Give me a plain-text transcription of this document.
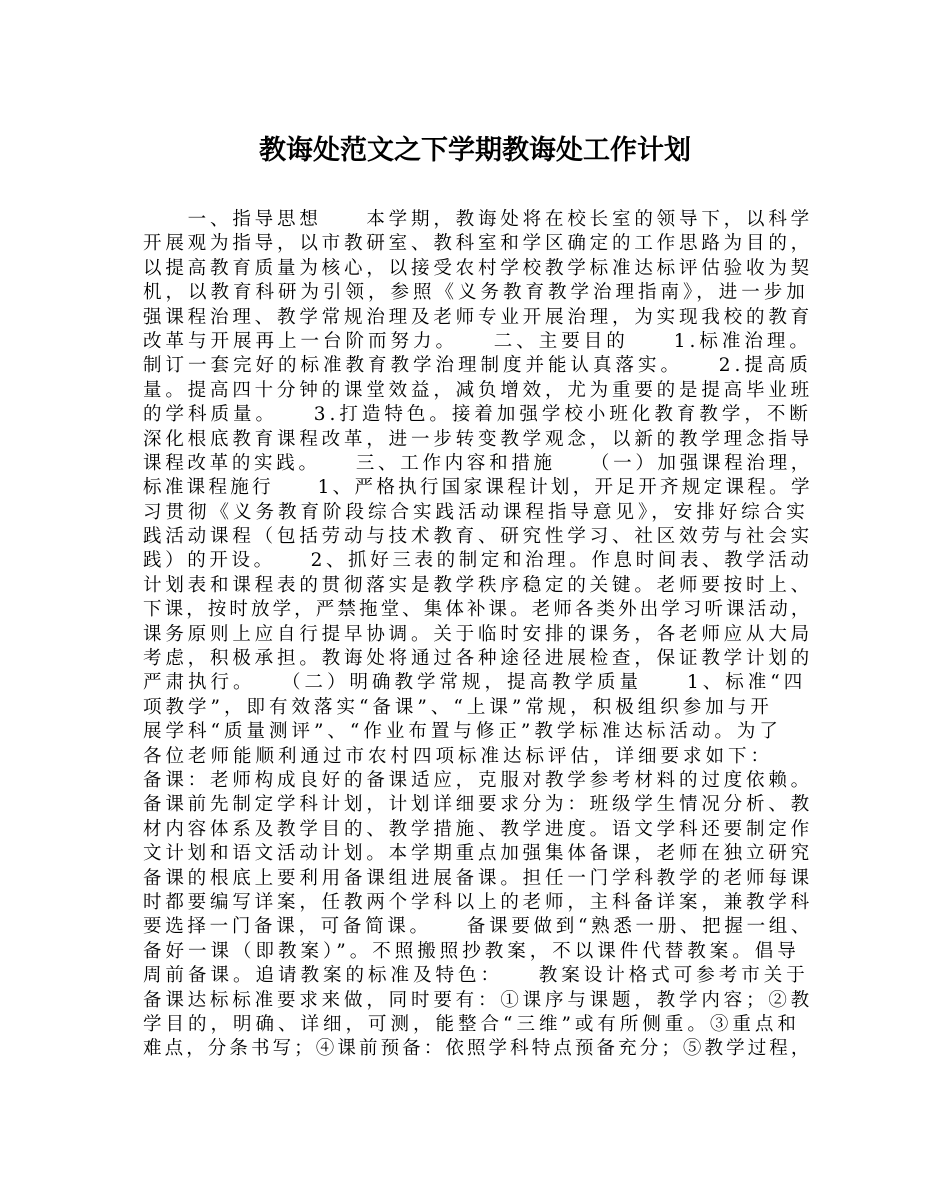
教诲处范文之下学期教诲处工作计划
　　一、指导思想　　本学期，教诲处将在校长室的领导下，以科学
开展观为指导，以市教研室、教科室和学区确定的工作思路为目的，
以提高教育质量为核心，以接受农村学校教学标准达标评估验收为契
机，以教育科研为引领，参照《义务教育教学治理指南》，进一步加
强课程治理、教学常规治理及老师专业开展治理，为实现我校的教育
改革与开展再上一台阶而努力。　　二、主要目的　　1.标准治理。
制订一套完好的标准教育教学治理制度并能认真落实。　　2.提高质
量。提高四十分钟的课堂效益，减负增效，尤为重要的是提高毕业班
的学科质量。　　3.打造特色。接着加强学校小班化教育教学，不断
深化根底教育课程改革，进一步转变教学观念，以新的教学理念指导
课程改革的实践。　　三、工作内容和措施　　（一）加强课程治理，
标准课程施行　　1、严格执行国家课程计划，开足开齐规定课程。学
习贯彻《义务教育阶段综合实践活动课程指导意见》，安排好综合实
践活动课程（包括劳动与技术教育、研究性学习、社区效劳与社会实
践）的开设。　　2、抓好三表的制定和治理。作息时间表、教学活动
计划表和课程表的贯彻落实是教学秩序稳定的关键。老师要按时上、
下课，按时放学，严禁拖堂、集体补课。老师各类外出学习听课活动，
课务原则上应自行提早协调。关于临时安排的课务，各老师应从大局
考虑，积极承担。教诲处将通过各种途径进展检查，保证教学计划的
严肃执行。　　（二）明确教学常规，提高教学质量　　1、标准“四
项教学”，即有效落实“备课”、“上课”常规，积极组织参加与开
展学科“质量测评”、“作业布置与修正”教学标准达标活动。为了
各位老师能顺利通过市农村四项标准达标评估，详细要求如下：
备课：老师构成良好的备课适应，克服对教学参考材料的过度依赖。
备课前先制定学科计划，计划详细要求分为：班级学生情况分析、教
材内容体系及教学目的、教学措施、教学进度。语文学科还要制定作
文计划和语文活动计划。本学期重点加强集体备课，老师在独立研究
备课的根底上要利用备课组进展备课。担任一门学科教学的老师每课
时都要编写详案，任教两个学科以上的老师，主科备详案，兼教学科
要选择一门备课，可备简课。　　备课要做到“熟悉一册、把握一组、
备好一课（即教案）”。不照搬照抄教案，不以课件代替教案。倡导
周前备课。追请教案的标准及特色：　　教案设计格式可参考市关于
备课达标标准要求来做，同时要有：①课序与课题，教学内容；②教
学目的，明确、详细，可测，能整合“三维”或有所侧重。③重点和
难点，分条书写；④课前预备：依照学科特点预备充分；⑤教学过程，
